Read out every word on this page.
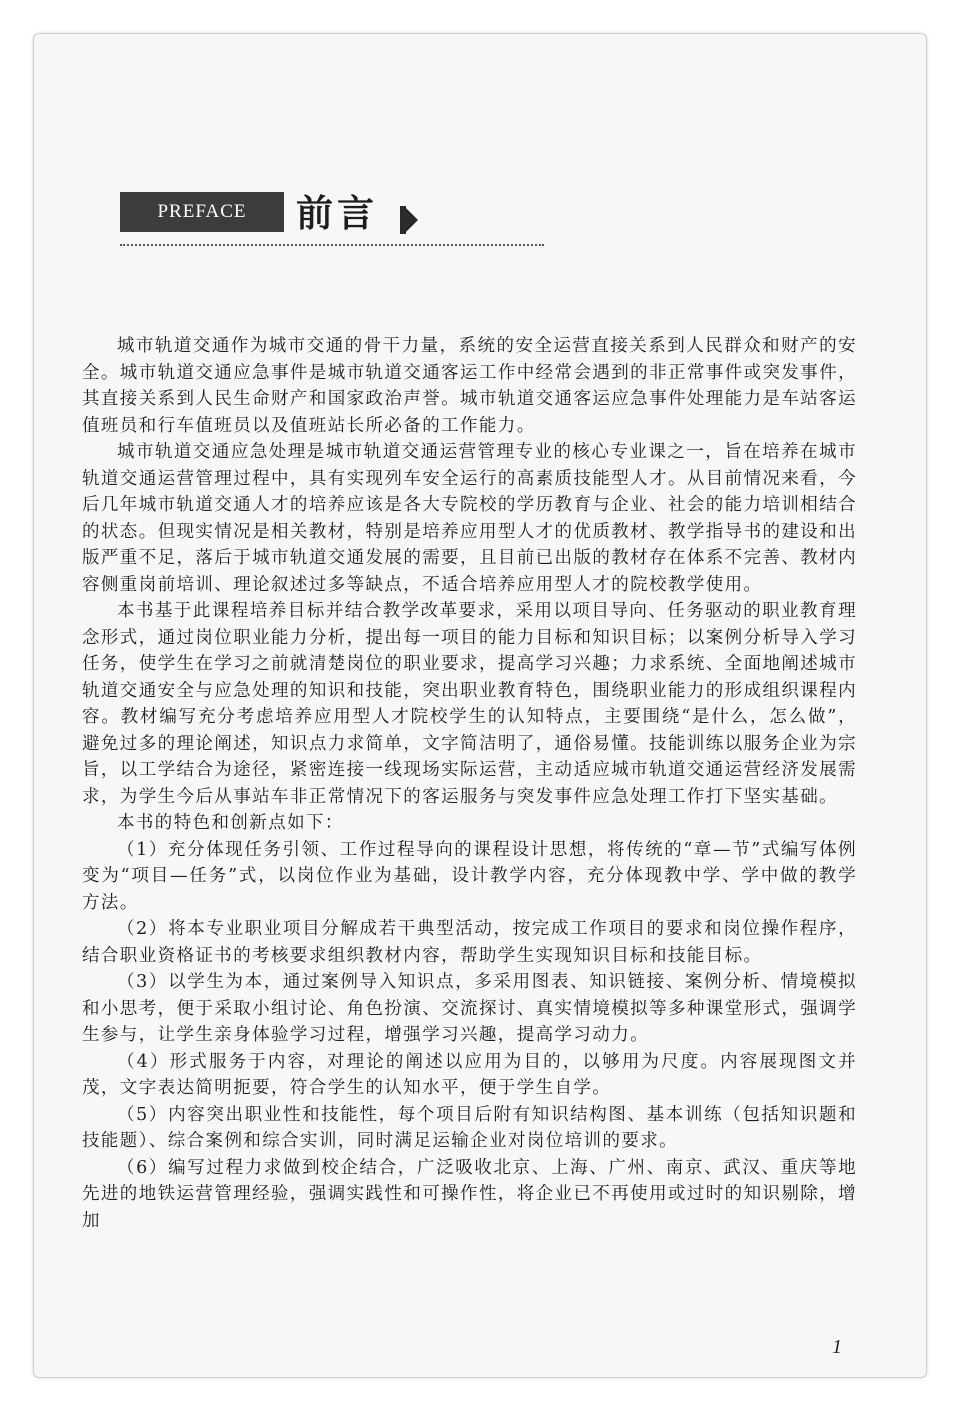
PREFACE	前言

城市轨道交通作为城市交通的骨干力量，系统的安全运营直接关系到人民群众和财产的安全。城市轨道交通应急事件是城市轨道交通客运工作中经常会遇到的非正常事件或突发事件，其直接关系到人民生命财产和国家政治声誉。城市轨道交通客运应急事件处理能力是车站客运值班员和行车值班员以及值班站长所必备的工作能力。

城市轨道交通应急处理是城市轨道交通运营管理专业的核心专业课之一，旨在培养在城市轨道交通运营管理过程中，具有实现列车安全运行的高素质技能型人才。从目前情况来看，今后几年城市轨道交通人才的培养应该是各大专院校的学历教育与企业、社会的能力培训相结合的状态。但现实情况是相关教材，特别是培养应用型人才的优质教材、教学指导书的建设和出版严重不足，落后于城市轨道交通发展的需要，且目前已出版的教材存在体系不完善、教材内容侧重岗前培训、理论叙述过多等缺点，不适合培养应用型人才的院校教学使用。

本书基于此课程培养目标并结合教学改革要求，采用以项目导向、任务驱动的职业教育理念形式，通过岗位职业能力分析，提出每一项目的能力目标和知识目标；以案例分析导入学习任务，使学生在学习之前就清楚岗位的职业要求，提高学习兴趣；力求系统、全面地阐述城市轨道交通安全与应急处理的知识和技能，突出职业教育特色，围绕职业能力的形成组织课程内容。教材编写充分考虑培养应用型人才院校学生的认知特点，主要围绕“是什么，怎么做”，避免过多的理论阐述，知识点力求简单，文字简洁明了，通俗易懂。技能训练以服务企业为宗旨，以工学结合为途径，紧密连接一线现场实际运营，主动适应城市轨道交通运营经济发展需求，为学生今后从事站车非正常情况下的客运服务与突发事件应急处理工作打下坚实基础。

本书的特色和创新点如下：

（1）充分体现任务引领、工作过程导向的课程设计思想，将传统的“章—节”式编写体例变为“项目—任务”式，以岗位作业为基础，设计教学内容，充分体现教中学、学中做的教学方法。

（2）将本专业职业项目分解成若干典型活动，按完成工作项目的要求和岗位操作程序，结合职业资格证书的考核要求组织教材内容，帮助学生实现知识目标和技能目标。

（3）以学生为本，通过案例导入知识点，多采用图表、知识链接、案例分析、情境模拟和小思考，便于采取小组讨论、角色扮演、交流探讨、真实情境模拟等多种课堂形式，强调学生参与，让学生亲身体验学习过程，增强学习兴趣，提高学习动力。

（4）形式服务于内容，对理论的阐述以应用为目的，以够用为尺度。内容展现图文并茂，文字表达简明扼要，符合学生的认知水平，便于学生自学。

（5）内容突出职业性和技能性，每个项目后附有知识结构图、基本训练（包括知识题和技能题）、综合案例和综合实训，同时满足运输企业对岗位培训的要求。

（6）编写过程力求做到校企结合，广泛吸收北京、上海、广州、南京、武汉、重庆等地先进的地铁运营管理经验，强调实践性和可操作性，将企业已不再使用或过时的知识剔除，增加

1
